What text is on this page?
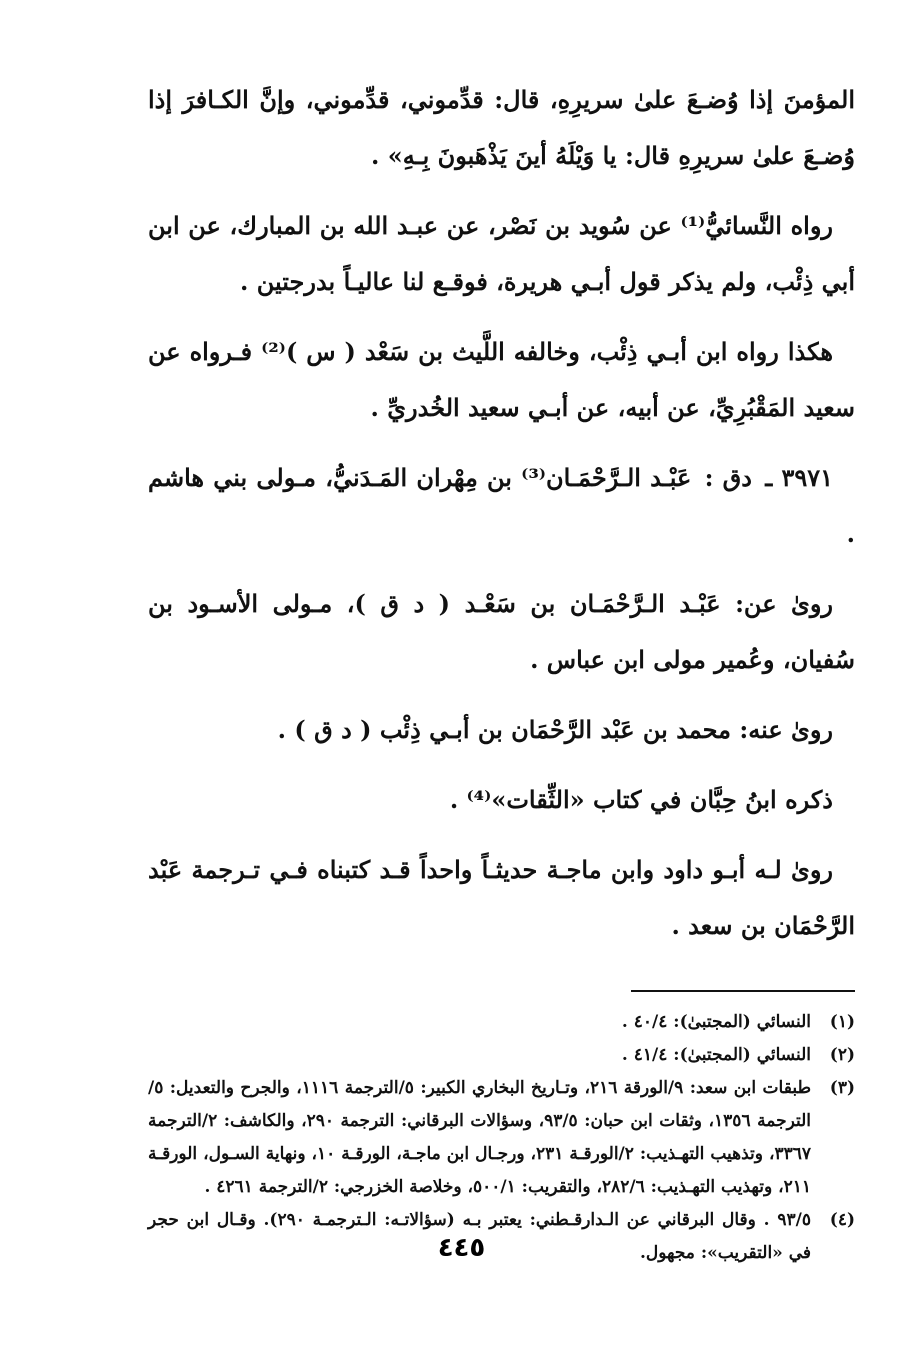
المؤمنَ إذا وُضـعَ علىٰ سريرِهِ، قال: قدِّموني، قدِّموني، وإنَّ الكـافرَ إذا وُضـعَ علىٰ سريرِهِ قال: يا وَيْلَهُ أينَ يَذْهَبونَ بِـهِ» .

رواه النَّسائيُّ⁽¹⁾ عن سُويد بن نَصْر، عن عبـد الله بن المبارك، عن ابن أبي ذِئْب، ولم يذكر قول أبـي هريرة، فوقـع لنا عاليـاً بدرجتين .

هكذا رواه ابن أبـي ذِئْب، وخالفه اللَّيث بن سَعْد ( س )⁽²⁾ فـرواه عن سعيد المَقْبُرِيِّ، عن أبيه، عن أبـي سعيد الخُدريِّ .

٣٩٧١ ـ دق : عَبْـد الـرَّحْمَـان⁽³⁾ بن مِهْران المَـدَنيُّ، مـولى بني هاشم .

روىٰ عن: عَبْـد الـرَّحْمَـان بن سَعْـد ( د ق )، مـولى الأسـود بن سُفيان، وعُمير مولى ابن عباس .

روىٰ عنه: محمد بن عَبْد الرَّحْمَان بن أبـي ذِئْب ( د ق ) .

ذكره ابنُ حِبَّان في كتاب «الثِّقات»⁽⁴⁾ .

روىٰ لـه أبـو داود وابن ماجـة حديثـاً واحداً قـد كتبناه فـي تـرجمة عَبْد الرَّحْمَان بن سعد .

(١)
النسائي (المجتبىٰ): ٤٠/٤ .
(٢)
النسائي (المجتبىٰ): ٤١/٤ .
(٣)
طبقات ابن سعد: ٩/الورقة ٢١٦، وتـاريخ البخاري الكبير: ٥/الترجمة ١١١٦، والجرح والتعديل: ٥/الترجمة ١٣٥٦، وثقات ابن حبان: ٩٣/٥، وسؤالات البرقاني: الترجمة ٢٩٠، والكاشف: ٢/الترجمة ٣٣٦٧، وتذهيب التهـذيب: ٢/الورقـة ٢٣١، ورجـال ابن ماجـة، الورقـة ١٠، ونهاية السـول، الورقـة ٢١١، وتهذيب التهـذيب: ٢٨٢/٦، والتقريب: ٥٠٠/١، وخلاصة الخزرجي: ٢/الترجمة ٤٢٦١ .
(٤)
٩٣/٥ . وقال البرقاني عن الـدارقـطني: يعتبر بـه (سؤالاتـه: الـترجمـة ٢٩٠). وقـال ابن حجر في «التقريب»: مجهول.
٤٤٥
